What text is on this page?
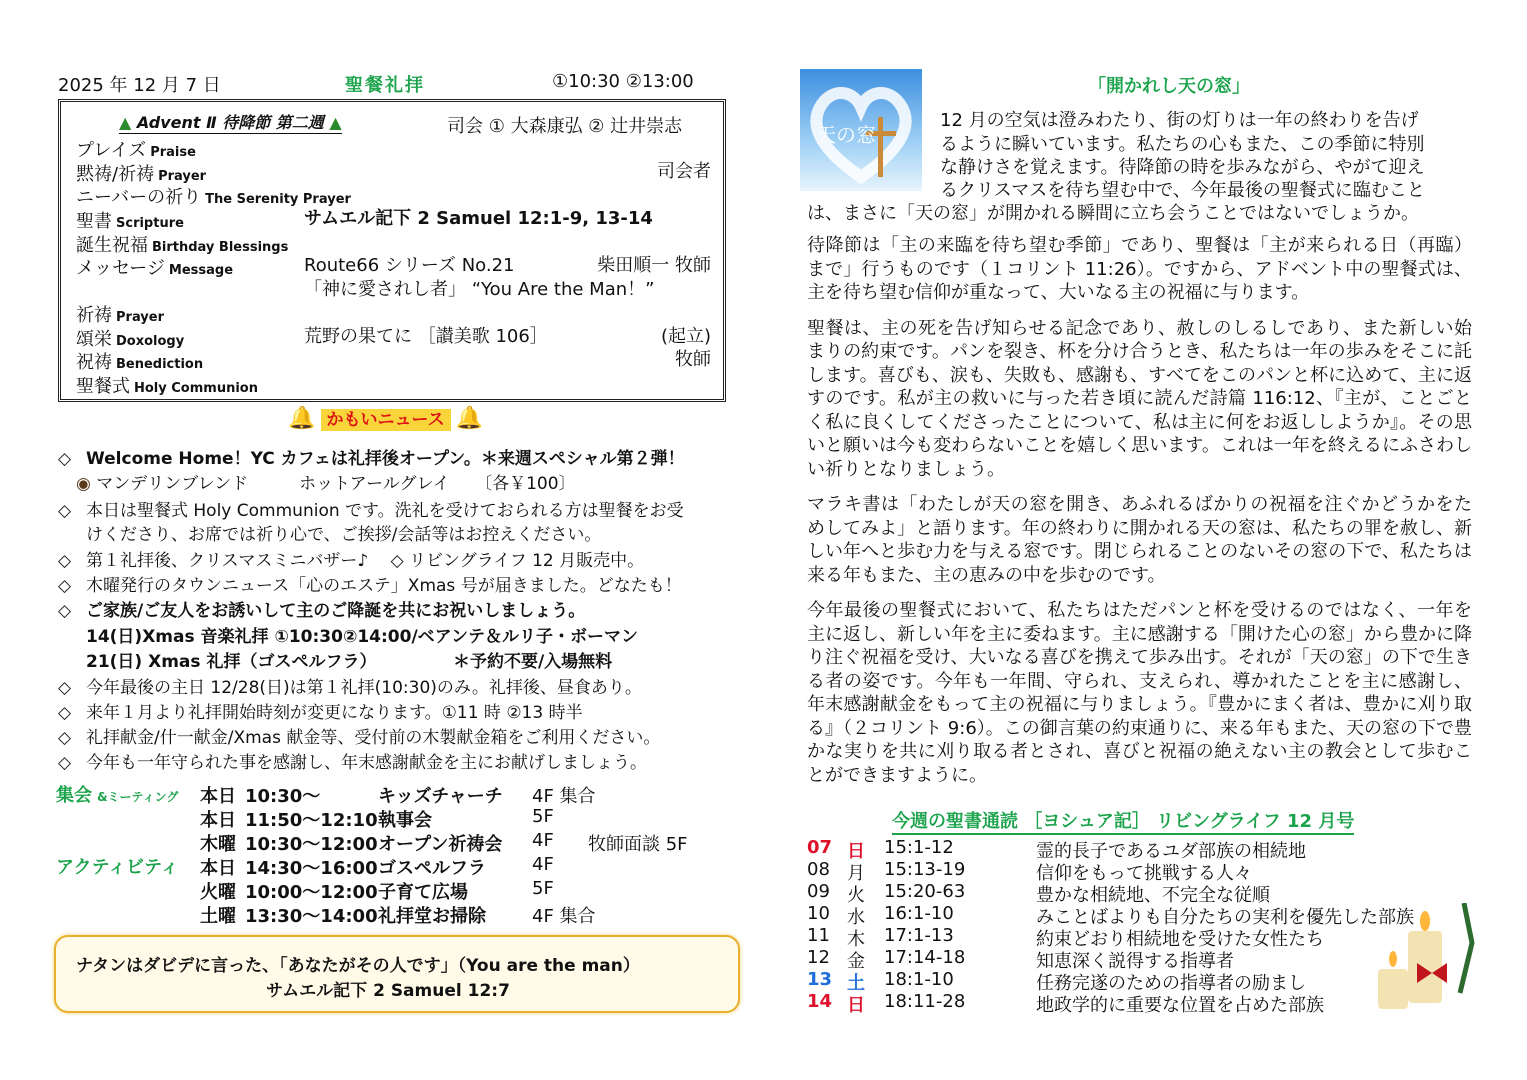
2025 年 12 月 7 日	聖餐礼拝	①10:30 ②13:00
▲ Advent Ⅱ 待降節 第二週 ▲	司会 ① 大森康弘 ② 辻井崇志
プレイズ Praise
黙祷/祈祷 Prayer	司会者
ニーバーの祈り The Serenity Prayer
聖書 Scripture	サムエル記下 2 Samuel 12:1-9, 13-14
誕生祝福 Birthday Blessings
メッセージ Message	Route66 シリーズ No.21	柴田順一 牧師
「神に愛されし者」 “You Are the Man！”
祈祷 Prayer
頌栄 Doxology	荒野の果てに ［讃美歌 106］	(起立)
祝祷 Benediction	牧師
聖餐式 Holy Communion
🔔 かもいニュース 🔔
◇ Welcome Home！YC カフェは礼拝後オープン。＊来週スペシャル第２弾！
◉ マンデリンブレンド　　　ホットアールグレイ　　〔各￥100〕
◇ 本日は聖餐式 Holy Communion です。洗礼を受けておられる方は聖餐をお受
けくださり、お席では祈り心で、ご挨拶/会話等はお控えください。
◇ 第１礼拝後、クリスマスミニバザー♪　 ◇ リビングライフ 12 月販売中。
◇ 木曜発行のタウンニュース「心のエステ」Xmas 号が届きました。どなたも！
◇ ご家族/ご友人をお誘いして主のご降誕を共にお祝いしましょう。
14(日)Xmas 音楽礼拝 ①10:30②14:00/ベアンテ＆ルリ子・ボーマン
21(日) Xmas 礼拝（ゴスペルフラ）　　　　　＊予約不要/入場無料
◇ 今年最後の主日 12/28(日)は第１礼拝(10:30)のみ。礼拝後、昼食あり。
◇ 来年１月より礼拝開始時刻が変更になります。①11 時 ②13 時半
◇ 礼拝献金/什一献金/Xmas 献金等、受付前の木製献金箱をご利用ください。
◇ 今年も一年守られた事を感謝し、年末感謝献金を主にお献げしましょう。
集会 &ミーティング
アクティビティ
本日 10:30～	キッズチャーチ 4F 集合
本日 11:50～12:10 執事会	5F
木曜 10:30～12:00 オープン祈祷会 4F 牧師面談 5F
本日 14:30～16:00 ゴスペルフラ	4F
火曜 10:00～12:00 子育て広場	5F
土曜 13:30～14:00 礼拝堂お掃除	4F 集合
ナタンはダビデに言った、「あなたがその人です」（You are the man）
サムエル記下 2 Samuel 12:7
天の窓
「開かれし天の窓」
12 月の空気は澄みわたり、街の灯りは一年の終わりを告げ
るように瞬いています。私たちの心もまた、この季節に特別
な静けさを覚えます。待降節の時を歩みながら、やがて迎え
るクリスマスを待ち望む中で、今年最後の聖餐式に臨むこと
は、まさに「天の窓」が開かれる瞬間に立ち会うことではないでしょうか。

待降節は「主の来臨を待ち望む季節」であり、聖餐は「主が来られる日（再臨）まで」行うものです（１コリント 11:26）。ですから、アドベント中の聖餐式は、主を待ち望む信仰が重なって、大いなる主の祝福に与ります。

聖餐は、主の死を告げ知らせる記念であり、赦しのしるしであり、また新しい始まりの約束です。パンを裂き、杯を分け合うとき、私たちは一年の歩みをそこに託します。喜びも、涙も、失敗も、感謝も、すべてをこのパンと杯に込めて、主に返すのです。私が主の救いに与った若き頃に読んだ詩篇 116:12、『主が、ことごとく私に良くしてくださったことについて、私は主に何をお返ししようか』。その思いと願いは今も変わらないことを嬉しく思います。これは一年を終えるにふさわしい祈りとなりましょう。

マラキ書は「わたしが天の窓を開き、あふれるばかりの祝福を注ぐかどうかをためしてみよ」と語ります。年の終わりに開かれる天の窓は、私たちの罪を赦し、新しい年へと歩む力を与える窓です。閉じられることのないその窓の下で、私たちは来る年もまた、主の恵みの中を歩むのです。

今年最後の聖餐式において、私たちはただパンと杯を受けるのではなく、一年を主に返し、新しい年を主に委ねます。主に感謝する「開けた心の窓」から豊かに降り注ぐ祝福を受け、大いなる喜びを携えて歩み出す。それが「天の窓」の下で生きる者の姿です。今年も一年間、守られ、支えられ、導かれたことを主に感謝し、年末感謝献金をもって主の祝福に与りましょう。『豊かにまく者は、豊かに刈り取る』（２コリント 9:6）。この御言葉の約束通りに、来る年もまた、天の窓の下で豊かな実りを共に刈り取る者とされ、喜びと祝福の絶えない主の教会として歩むことができますように。

今週の聖書通読 ［ヨシュア記］ リビングライフ 12 月号
07 日 15:1-12	霊的長子であるユダ部族の相続地
08 月 15:13-19	信仰をもって挑戦する人々
09 火 15:20-63	豊かな相続地、不完全な従順
10 水 16:1-10	みことばよりも自分たちの実利を優先した部族
11 木 17:1-13	約束どおり相続地を受けた女性たち
12 金 17:14-18	知恵深く説得する指導者
13 土 18:1-10	任務完遂のための指導者の励まし
14 日 18:11-28	地政学的に重要な位置を占めた部族
